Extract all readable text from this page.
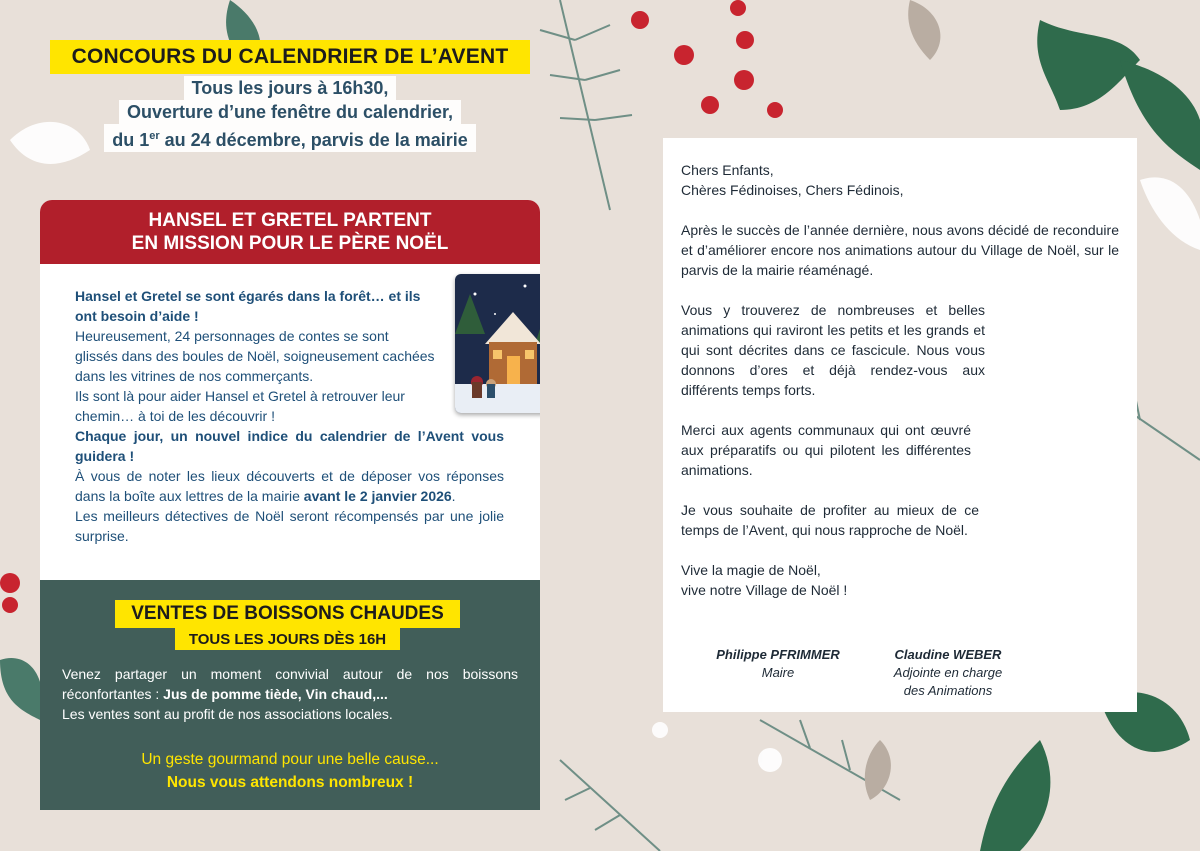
CONCOURS DU CALENDRIER DE L’AVENT
Tous les jours à 16h30,
Ouverture d’une fenêtre du calendrier,
du 1er au 24 décembre, parvis de la mairie
HANSEL ET GRETEL PARTENT
EN MISSION POUR LE PÈRE NOËL

Hansel et Gretel se sont égarés dans la forêt… et ils ont besoin d’aide !

Heureusement, 24 personnages de contes se sont glissés dans des boules de Noël, soigneusement cachées dans les vitrines de nos commerçants.

Ils sont là pour aider Hansel et Gretel à retrouver leur chemin… à toi de les découvrir !

Chaque jour, un nouvel indice du calendrier de l’Avent vous guidera !

À vous de noter les lieux découverts et de déposer vos réponses dans la boîte aux lettres de la mairie avant le 2 janvier 2026.

Les meilleurs détectives de Noël seront récompensés par une jolie surprise.

VENTES DE BOISSONS CHAUDES
TOUS LES JOURS DÈS 16H

Venez partager un moment convivial autour de nos boissons réconfortantes : Jus de pomme tiède, Vin chaud,...

Les ventes sont au profit de nos associations locales.

Un geste gourmand pour une belle cause...
Nous vous attendons nombreux !

Chers Enfants,
Chères Fédinoises, Chers Fédinois,

Après le succès de l’année dernière, nous avons décidé de reconduire et d’améliorer encore nos animations autour du Village de Noël, sur le parvis de la mairie réaménagé.

Vous y trouverez de nombreuses et belles animations qui raviront les petits et les grands et qui sont décrites dans ce fascicule. Nous vous donnons d’ores et déjà rendez-vous aux différents temps forts.

Merci aux agents communaux qui ont œuvré aux préparatifs ou qui pilotent les différentes animations.

Je vous souhaite de profiter au mieux de ce temps de l’Avent, qui nous rapproche de Noël.

Vive la magie de Noël,
vive notre Village de Noël !

Philippe PFRIMMER
Maire
Claudine WEBER
Adjointe en charge
des Animations
